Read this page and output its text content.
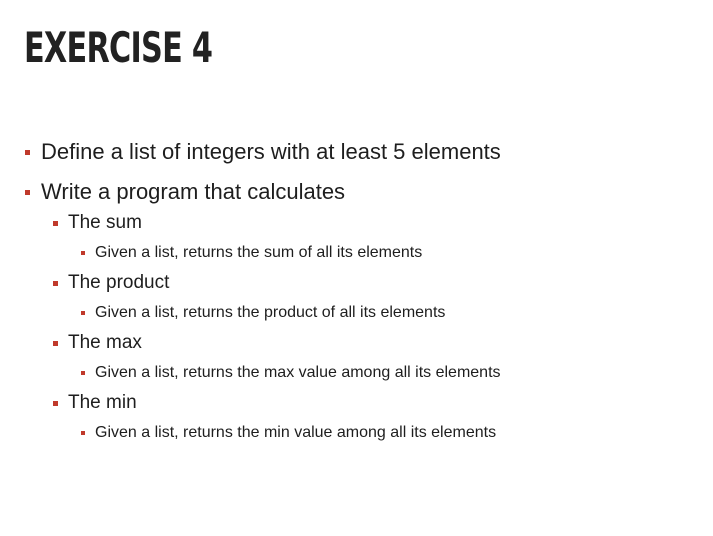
EXERCISE 4
Define a list of integers with at least 5 elements
Write a program that calculates
The sum
Given a list, returns the sum of all its elements
The product
Given a list, returns the product of all its elements
The max
Given a list, returns the max value among all its elements
The min
Given a list, returns the min value among all its elements
